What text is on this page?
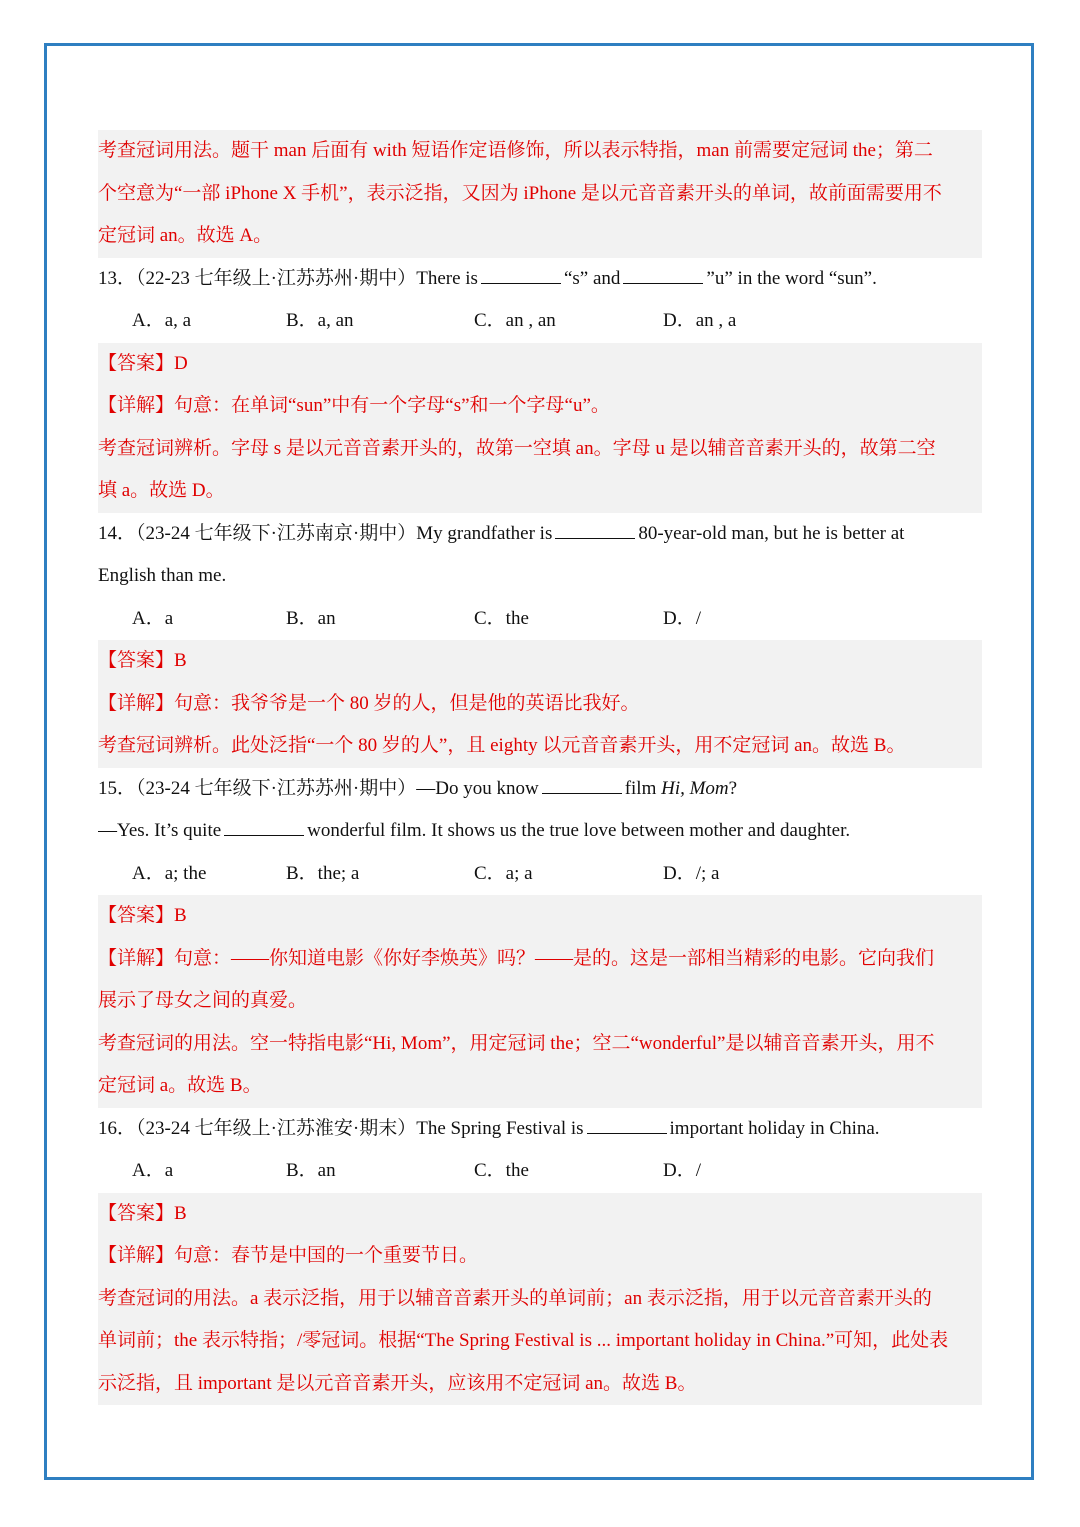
考查冠词用法。题干 man 后面有 with 短语作定语修饰，所以表示特指，man 前需要定冠词 the；第二
个空意为“一部 iPhone X 手机”，表示泛指，又因为 iPhone 是以元音音素开头的单词，故前面需要用不
定冠词 an。故选 A。
13．（22-23 七年级上·江苏苏州·期中）There is	“s” and	”u” in the word “sun”.
A．a, a	B．a, an	C．an , an	D．an , a
【答案】D
【详解】句意：在单词“sun”中有一个字母“s”和一个字母“u”。
考查冠词辨析。字母 s 是以元音音素开头的，故第一空填 an。字母 u 是以辅音音素开头的，故第二空
填 a。故选 D。
14．（23-24 七年级下·江苏南京·期中）My grandfather is	80-year-old man, but he is better at
English than me.
A．a	B．an	C．the	D．/
【答案】B
【详解】句意：我爷爷是一个 80 岁的人，但是他的英语比我好。
考查冠词辨析。此处泛指“一个 80 岁的人”，且 eighty 以元音音素开头，用不定冠词 an。故选 B。
15．（23-24 七年级下·江苏苏州·期中）—Do you know	film Hi, Mom?
—Yes. It’s quite	wonderful film. It shows us the true love between mother and daughter.
A．a; the	B．the; a	C．a; a	D．/; a
【答案】B
【详解】句意：——你知道电影《你好李焕英》吗？——是的。这是一部相当精彩的电影。它向我们
展示了母女之间的真爱。
考查冠词的用法。空一特指电影“Hi, Mom”，用定冠词 the；空二“wonderful”是以辅音音素开头，用不
定冠词 a。故选 B。
16．（23-24 七年级上·江苏淮安·期末）The Spring Festival is	important holiday in China.
A．a	B．an	C．the	D．/
【答案】B
【详解】句意：春节是中国的一个重要节日。
考查冠词的用法。a 表示泛指，用于以辅音音素开头的单词前；an 表示泛指，用于以元音音素开头的
单词前；the 表示特指；/零冠词。根据“The Spring Festival is ... important holiday in China.”可知，此处表
示泛指，且 important 是以元音音素开头，应该用不定冠词 an。故选 B。
